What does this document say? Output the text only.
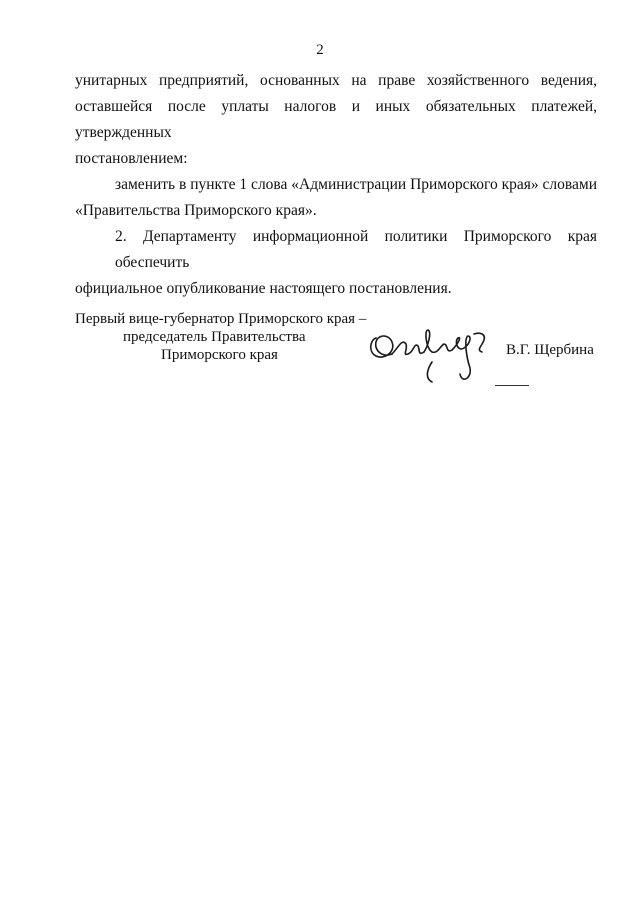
2

унитарных предприятий, основанных на праве хозяйственного ведения,
оставшейся после уплаты налогов и иных обязательных платежей, утвержденных
постановлением:

заменить в пункте 1 слова «Администрации Приморского края» словами
«Правительства Приморского края».

2. Департаменту информационной политики Приморского края обеспечить
официальное опубликование настоящего постановления.

Первый вице-губернатор Приморского края –
председатель Правительства
Приморского края	В.Г. Щербина
